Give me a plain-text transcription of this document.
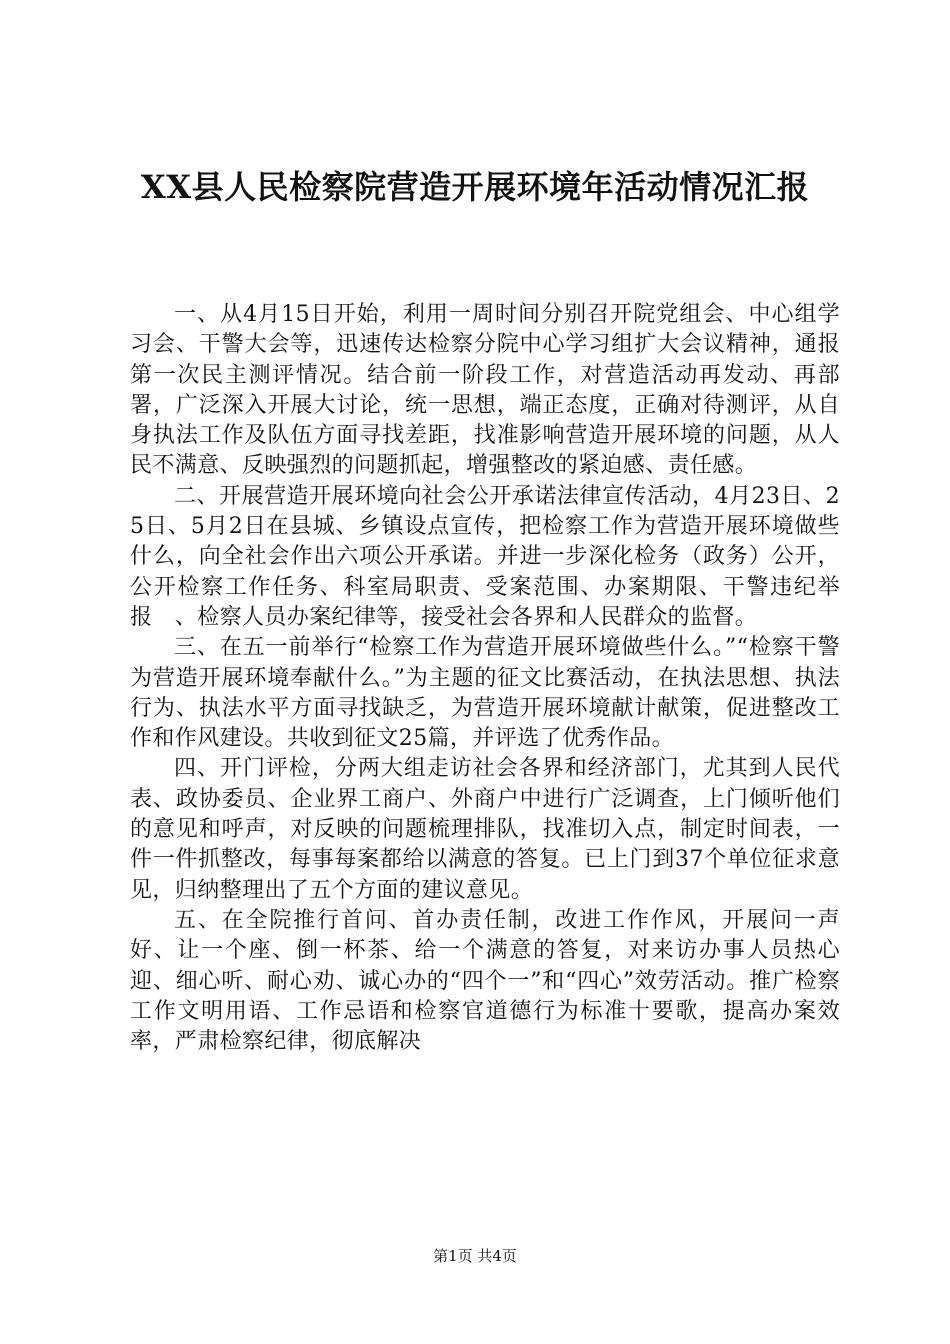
XX县人民检察院营造开展环境年活动情况汇报

一、从4月15日开始，利用一周时间分别召开院党组会、中心组学习会、干警大会等，迅速传达检察分院中心学习组扩大会议精神，通报第一次民主测评情况。结合前一阶段工作，对营造活动再发动、再部署，广泛深入开展大讨论，统一思想，端正态度，正确对待测评，从自身执法工作及队伍方面寻找差距，找准影响营造开展环境的问题，从人民不满意、反映强烈的问题抓起，增强整改的紧迫感、责任感。

二、开展营造开展环境向社会公开承诺法律宣传活动，4月23日、25日、5月2日在县城、乡镇设点宣传，把检察工作为营造开展环境做些什么，向全社会作出六项公开承诺。并进一步深化检务（政务）公开，公开检察工作任务、科室局职责、受案范围、办案期限、干警违纪举报　、检察人员办案纪律等，接受社会各界和人民群众的监督。

三、在五一前举行“检察工作为营造开展环境做些什么。”“检察干警为营造开展环境奉献什么。”为主题的征文比赛活动，在执法思想、执法行为、执法水平方面寻找缺乏，为营造开展环境献计献策，促进整改工作和作风建设。共收到征文25篇，并评选了优秀作品。

四、开门评检，分两大组走访社会各界和经济部门，尤其到人民代表、政协委员、企业界工商户、外商户中进行广泛调查，上门倾听他们的意见和呼声，对反映的问题梳理排队，找准切入点，制定时间表，一件一件抓整改，每事每案都给以满意的答复。已上门到37个单位征求意见，归纳整理出了五个方面的建议意见。

五、在全院推行首问、首办责任制，改进工作作风，开展问一声好、让一个座、倒一杯茶、给一个满意的答复，对来访办事人员热心迎、细心听、耐心劝、诚心办的“四个一”和“四心”效劳活动。推广检察工作文明用语、工作忌语和检察官道德行为标准十要歌，提高办案效率，严肃检察纪律，彻底解决

第1页 共4页
